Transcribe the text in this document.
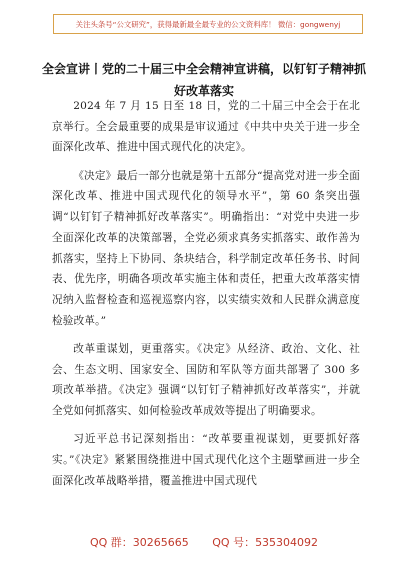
关注头条号“公文研究”，获得最新最全最专业的公文资料库！ 微信：gongwenyj
全会宣讲丨党的二十届三中全会精神宣讲稿，以钉钉子精神抓好改革落实

2024 年 7 月 15 日至 18 日，党的二十届三中全会于在北京举行。全会最重要的成果是审议通过《中共中央关于进一步全面深化改革、推进中国式现代化的决定》。

《决定》最后一部分也就是第十五部分“提高党对进一步全面深化改革、推进中国式现代化的领导水平”，第 60 条突出强调“以钉钉子精神抓好改革落实”。明确指出：“对党中央进一步全面深化改革的决策部署，全党必须求真务实抓落实、敢作善为抓落实，坚持上下协同、条块结合，科学制定改革任务书、时间表、优先序，明确各项改革实施主体和责任，把重大改革落实情况纳入监督检查和巡视巡察内容，以实绩实效和人民群众满意度检验改革。”

改革重谋划，更重落实。《决定》从经济、政治、文化、社会、生态文明、国家安全、国防和军队等方面共部署了 300 多项改革举措。《决定》强调“以钉钉子精神抓好改革落实”，并就全党如何抓落实、如何检验改革成效等提出了明确要求。

习近平总书记深刻指出：“改革要重视谋划，更要抓好落实。”《决定》紧紧围绕推进中国式现代化这个主题擘画进一步全面深化改革战略举措，覆盖推进中国式现代

QQ 群：30265665 QQ 号：535304092
